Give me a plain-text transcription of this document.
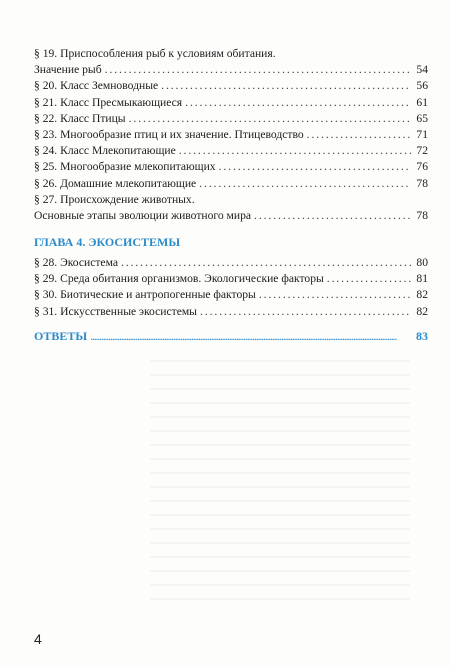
§ 19. Приспособления рыб к условиям обитания.
Значение рыб . . .	54
§ 20. Класс Земноводные . . .	56
§ 21. Класс Пресмыкающиеся . . .	61
§ 22. Класс Птицы . . .	65
§ 23. Многообразие птиц и их значение. Птицеводство . . .	71
§ 24. Класс Млекопитающие . . .	72
§ 25. Многообразие млекопитающих . . .	76
§ 26. Домашние млекопитающие . . .	78
§ 27. Происхождение животных.
Основные этапы эволюции животного мира . . .	78
ГЛАВА 4. ЭКОСИСТЕМЫ
§ 28. Экосистема . . .	80
§ 29. Среда обитания организмов. Экологические факторы . . .	81
§ 30. Биотические и антропогенные факторы . . .	82
§ 31. Искусственные экосистемы . . .	82
ОТВЕТЫ .....	83
4
